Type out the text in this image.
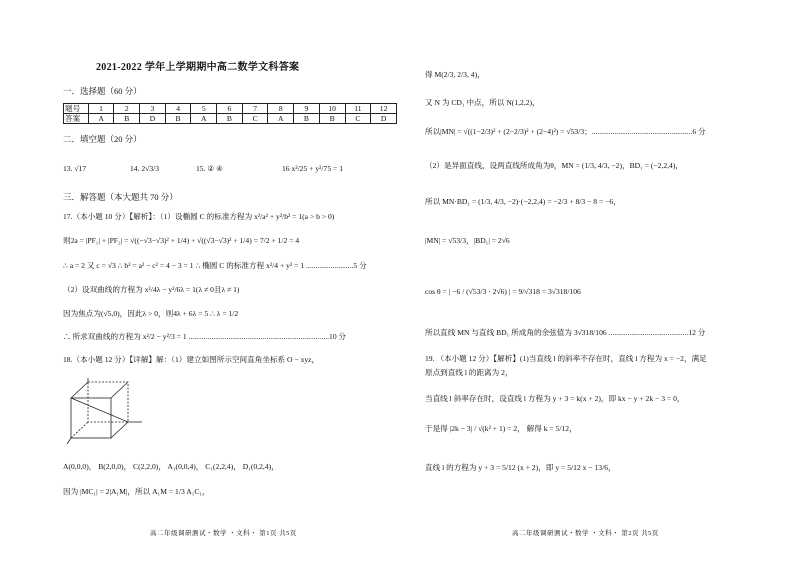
2021-2022 学年上学期期中高二数学文科答案
一．选择题（60 分）
题号	1	2	3	4	5	6	7	8	9	10	11	12
答案	A	B	D	B	A	B	C	A	B	B	C	D
二．填空题（20 分）
13. √17	14. 2√3/3	15. ② ④	16 x²/25 + y²/75 = 1
三．解答题（本大题共 70 分）
17.（本小题 10 分）【解析】：（1）设椭圆 C 的标准方程为 x²/a² + y²/b² = 1(a > b > 0)
则2a = |PF₁| + |PF₂| = √((−√3−√3)² + 1/4) + √((√3−√3)² + 1/4) = 7/2 + 1/2 = 4
∴ a = 2 又 c = √3 ∴ b² = a² − c² = 4 − 3 = 1 ∴ 椭圆 C 的标准方程 x²/4 + y² = 1 .........................5 分
（2）设双曲线的方程为 x²/4λ − y²/6λ = 1(λ ≠ 0且λ ≠ 1)
因为焦点为(√5,0)，因此λ > 0，则4λ + 6λ = 5 ∴ λ = 1/2
∴ 所求双曲线的方程为 x²/2 − y²/3 = 1 ..........................................................................10 分
18.（本小题 12 分）【详解】解：（1）建立如图所示空间直角坐标系 O − xyz，
A(0,0,0)， B(2,0,0)， C(2,2,0)， A₁(0,0,4)， C₁(2,2,4)， D₁(0,2,4)，
因为 |MC₁| = 2|A₁M|，所以 A₁M = 1/3 A₁C₁，
高二年级调研测试・数学 ・文科・ 第1页 共5页
得 M(2/3, 2/3, 4)，
又 N 为 CD₁ 中点，所以 N(1,2,2)，
所以|MN| = √((1−2/3)² + (2−2/3)² + (2−4)²) = √53/3；.....................................................6 分
（2）是异面直线，设两直线所成角为θ，MN = (1/3, 4/3, −2)，BD₁ = (−2,2,4)，
所以 MN·BD₁ = (1/3, 4/3, −2)·(−2,2,4) = −2/3 + 8/3 − 8 = −6，
|MN| = √53/3，|BD₁| = 2√6
cos θ = | −6 / (√53/3 · 2√6) | = 9/√318 = 3√318/106
所以直线 MN 与直线 BD₁ 所成角的余弦值为 3√318/106 ..........................................12 分
19. （本小题 12 分）【解析】(1)当直线 l 的斜率不存在时，直线 l 方程为 x = −2，满足
原点到直线 l 的距离为 2，
当直线 l 斜率存在时，设直线 l 方程为 y + 3 = k(x + 2)，即 kx − y + 2k − 3 = 0，
于是得 |2k − 3| / √(k² + 1) = 2， 解得 k = 5/12，
直线 l 的方程为 y + 3 = 5/12 (x + 2)，即 y = 5/12 x − 13/6，
高二年级调研测试・数学 ・文科・ 第2页 共5页
